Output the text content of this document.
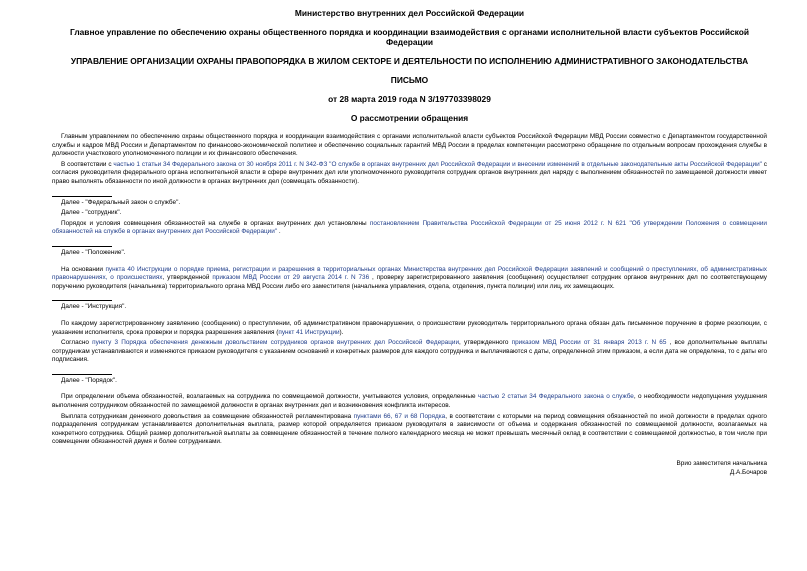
Министерство внутренних дел Российской Федерации
Главное управление по обеспечению охраны общественного порядка и координации взаимодействия с органами исполнительной власти субъектов Российской Федерации
УПРАВЛЕНИЕ ОРГАНИЗАЦИИ ОХРАНЫ ПРАВОПОРЯДКА В ЖИЛОМ СЕКТОРЕ И ДЕЯТЕЛЬНОСТИ ПО ИСПОЛНЕНИЮ АДМИНИСТРАТИВНОГО ЗАКОНОДАТЕЛЬСТВА
ПИСЬМО
от 28 марта 2019 года N 3/197703398029
О рассмотрении обращения

Главным управлением по обеспечению охраны общественного порядка и координации взаимодействия с органами исполнительной власти субъектов Российской Федерации МВД России совместно с Департаментом государственной службы и кадров МВД России и Департаментом по финансово-экономической политике и обеспечению социальных гарантий МВД России в пределах компетенции рассмотрено обращение по отдельным вопросам прохождения службы в должности участкового уполномоченного полиции и их финансового обеспечения.

В соответствии с частью 1 статьи 34 Федерального закона от 30 ноября 2011 г. N 342-ФЗ "О службе в органах внутренних дел Российской Федерации и внесении изменений в отдельные законодательные акты Российской Федерации" с согласия руководителя федерального органа исполнительной власти в сфере внутренних дел или уполномоченного руководителя сотрудник органов внутренних дел наряду с выполнением обязанностей по замещаемой должности имеет право выполнять обязанности по иной должности в органах внутренних дел (совмещать обязанности).

Далее - "Федеральный закон о службе".
Далее - "сотрудник".

Порядок и условия совмещения обязанностей на службе в органах внутренних дел установлены постановлением Правительства Российской Федерации от 25 июня 2012 г. N 621 "Об утверждении Положения о совмещении обязанностей на службе в органах внутренних дел Российской Федерации" .

Далее - "Положение".

На основании пункта 40 Инструкции о порядке приема, регистрации и разрешения в территориальных органах Министерства внутренних дел Российской Федерации заявлений и сообщений о преступлениях, об административных правонарушениях, о происшествиях, утвержденной приказом МВД России от 29 августа 2014 г. N 736 , проверку зарегистрированного заявления (сообщения) осуществляет сотрудник органов внутренних дел по соответствующему поручению руководителя (начальника) территориального органа МВД России либо его заместителя (начальника управления, отдела, отделения, пункта полиции) или лиц, их замещающих.

Далее - "Инструкция".

По каждому зарегистрированному заявлению (сообщению) о преступлении, об административном правонарушении, о происшествии руководитель территориального органа обязан дать письменное поручение в форме резолюции, с указанием исполнителя, срока проверки и порядка разрешения заявления (пункт 41 Инструкции).

Согласно пункту 3 Порядка обеспечения денежным довольствием сотрудников органов внутренних дел Российской Федерации, утвержденного приказом МВД России от 31 января 2013 г. N 65 , все дополнительные выплаты сотрудникам устанавливаются и изменяются приказом руководителя с указанием оснований и конкретных размеров для каждого сотрудника и выплачиваются с даты, определенной этим приказом, а если дата не определена, то с даты его подписания.

Далее - "Порядок".

При определении объема обязанностей, возлагаемых на сотрудника по совмещаемой должности, учитываются условия, определенные частью 2 статьи 34 Федерального закона о службе, о необходимости недопущения ухудшения выполнения сотрудником обязанностей по замещаемой должности в органах внутренних дел и возникновения конфликта интересов.

Выплата сотрудникам денежного довольствия за совмещение обязанностей регламентирована пунктами 66, 67 и 68 Порядка, в соответствии с которыми на период совмещения обязанностей по иной должности в пределах одного подразделения сотрудникам устанавливается дополнительная выплата, размер которой определяется приказом руководителя в зависимости от объема и содержания обязанностей по совмещаемой должности, возлагаемых на конкретного сотрудника. Общий размер дополнительной выплаты за совмещение обязанностей в течение полного календарного месяца не может превышать месячный оклад в соответствии с совмещаемой должностью, в том числе при совмещении обязанностей двумя и более сотрудниками.

Врио заместителя начальника
Д.А.Бочаров
